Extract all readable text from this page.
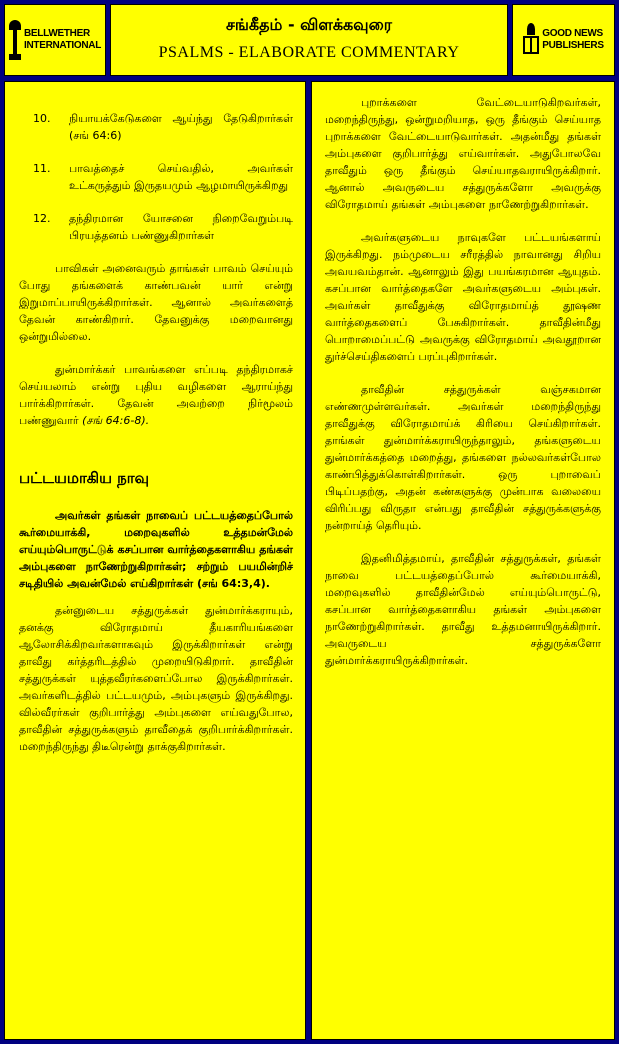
BELLWETHER
INTERNATIONAL
சங்கீதம் - விளக்கவுரை
PSALMS - ELABORATE COMMENTARY
GOOD NEWS
PUBLISHERS
10.	நியாயக்கேடுகளை ஆய்ந்து தேடுகிறார்கள் (சங் 64:6)
11.	பாவத்தைச் செய்வதில், அவர்கள் உட்கருத்தும் இருதயமும் ஆழமாயிருக்கிறது
12.	தந்திரமான யோசனை நிறைவேறும்படி பிரயத்தனம் பண்ணுகிறார்கள்

பாவிகள் அனைவரும் தாங்கள் பாவம் செய்யும் போது தங்களைக் காண்பவன் யார் என்று இறுமாப்பாயிருக்கிறார்கள். ஆனால் அவர்களைத் தேவன் காண்கிறார். தேவனுக்கு மறைவானது ஒன்றுமில்லை.

துன்மார்க்கர் பாவங்களை எப்படி தந்திரமாகச் செய்யலாம் என்று புதிய வழிகளை ஆராய்ந்து பார்க்கிறார்கள். தேவன் அவற்றை நிர்மூலம் பண்ணுவார் (சங் 64:6-8).

பட்டயமாகிய நாவு

அவர்கள் தங்கள் நாவைப் பட்டயத்தைப்போல் கூர்மையாக்கி, மறைவுகளில் உத்தமன்மேல் எய்யும்பொருட்டுக் கசப்பான வார்த்தைகளாகிய தங்கள் அம்புகளை நாணேற்றுகிறார்கள்; சற்றும் பயமின்றிச் சடிதியில் அவன்மேல் எய்கிறார்கள் (சங் 64:3,4).

தன்னுடைய சத்துருக்கள் துன்மார்க்கராயும், தனக்கு விரோதமாய் தீயகாரியங்களை ஆலோசிக்கிறவர்களாகவும் இருக்கிறார்கள் என்று தாவீது கர்த்தரிடத்தில் முறையிடுகிறார். தாவீதின் சத்துருக்கள் யுத்தவீரர்களைப்போல இருக்கிறார்கள். அவர்களிடத்தில் பட்டயமும், அம்புகளும் இருக்கிறது. வில்வீரர்கள் குறிபார்த்து அம்புகளை எய்வதுபோல, தாவீதின் சத்துருக்களும் தாவீதைக் குறிபார்க்கிறார்கள். மறைந்திருந்து திடீரென்று தாக்குகிறார்கள்.

புறாக்களை வேட்டையாடுகிறவர்கள், மறைந்திருந்து, ஒன்றுமறியாத, ஒரு தீங்கும் செய்யாத புறாக்களை வேட்டையாடுவார்கள். அதன்மீது தங்கள் அம்புகளை குறிபார்த்து எய்வார்கள். அதுபோலவே தாவீதும் ஒரு தீங்கும் செய்யாதவராயிருக்கிறார். ஆனால் அவருடைய சத்துருக்களோ அவருக்கு விரோதமாய் தங்கள் அம்புகளை நாணேற்றுகிறார்கள்.

அவர்களுடைய நாவுகளே பட்டயங்களாய் இருக்கிறது. நம்முடைய சரீரத்தில் நாவானது சிறிய அவயவம்தான். ஆனாலும் இது பயங்கரமான ஆயுதம். கசப்பான வார்த்தைகளே அவர்களுடைய அம்புகள். அவர்கள் தாவீதுக்கு விரோதமாய்த் தூஷண வார்த்தைகளைப் பேசுகிறார்கள். தாவீதின்மீது பொறாமைப்பட்டு அவருக்கு விரோதமாய் அவதூறான துர்ச்செய்திகளைப் பரப்புகிறார்கள்.

தாவீதின் சத்துருக்கள் வஞ்சகமான எண்ணமுள்ளவர்கள். அவர்கள் மறைந்திருந்து தாவீதுக்கு விரோதமாய்க் கிரியை செய்கிறார்கள். தாங்கள் துன்மார்க்கராயிருந்தாலும், தங்களுடைய துன்மார்க்கத்தை மறைத்து, தங்களை நல்லவர்கள்போல காண்பித்துக்கொள்கிறார்கள். ஒரு புறாவைப் பிடிப்பதற்கு, அதன் கண்களுக்கு முன்பாக வலையை விரிப்பது விருதா என்பது தாவீதின் சத்துருக்களுக்கு நன்றாய்த் தெரியும்.

இதனிமித்தமாய், தாவீதின் சத்துருக்கள், தங்கள் நாவை பட்டயத்தைப்போல் கூர்மையாக்கி, மறைவுகளில் தாவீதின்மேல் எய்யும்பொருட்டு, கசப்பான வார்த்தைகளாகிய தங்கள் அம்புகளை நாணேற்றுகிறார்கள். தாவீது உத்தமனாயிருக்கிறார். அவருடைய சத்துருக்களோ துன்மார்க்கராயிருக்கிறார்கள்.
